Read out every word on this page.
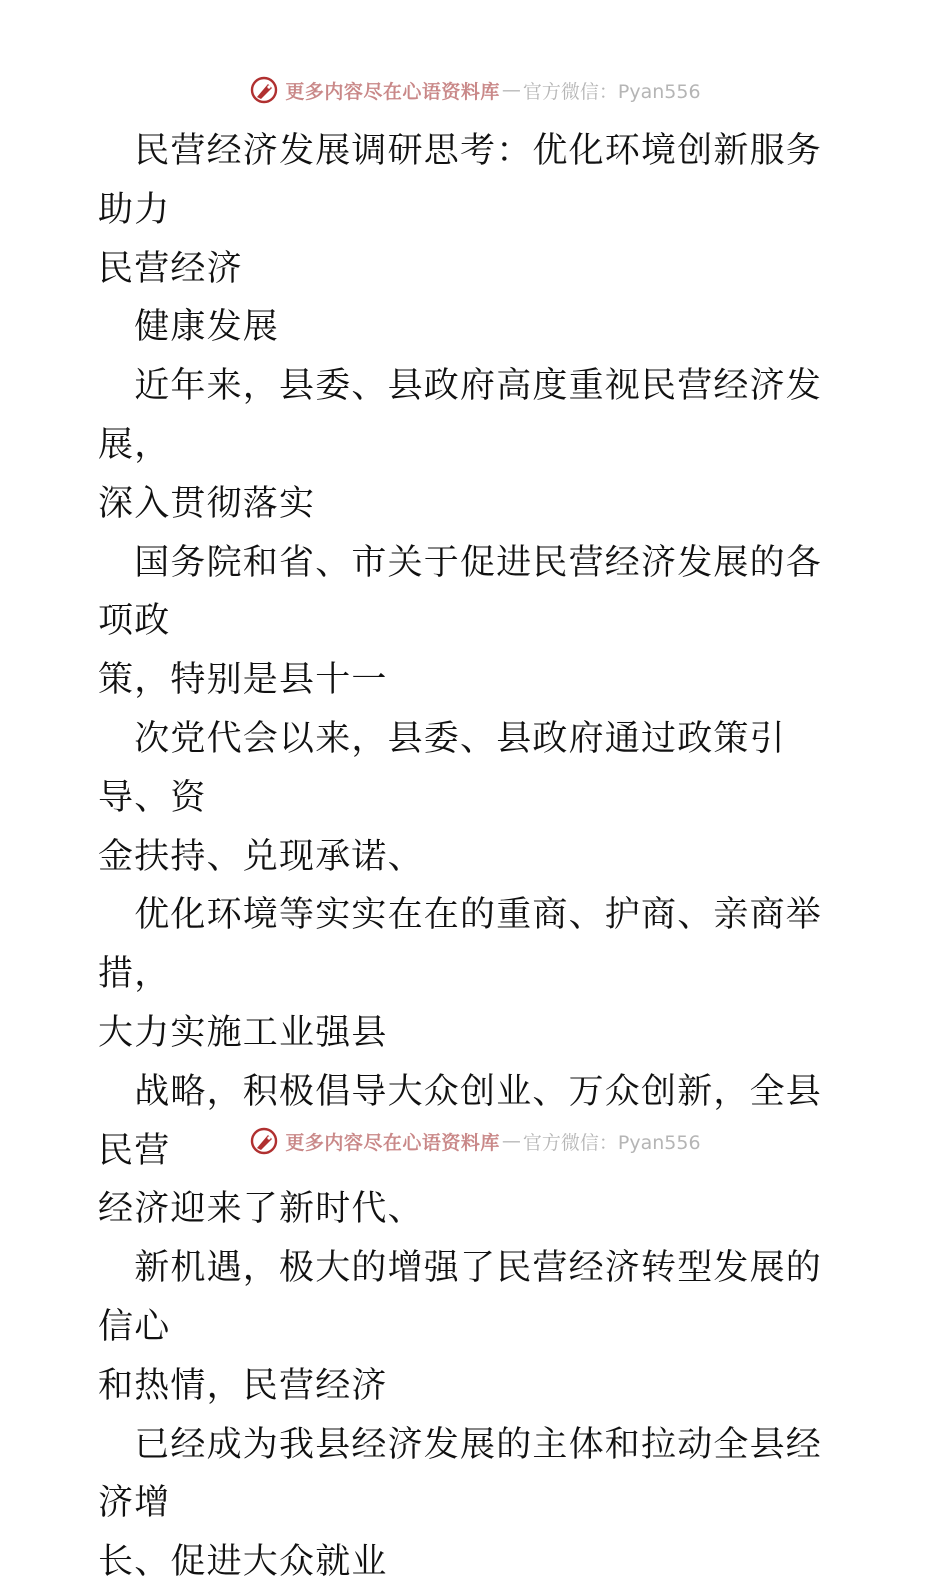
更多内容尽在心语资料库 — 官方微信：Pyan556

　民营经济发展调研思考：优化环境创新服务助力
民营经济

　健康发展

　近年来，县委、县政府高度重视民营经济发展，
深入贯彻落实

　国务院和省、市关于促进民营经济发展的各项政
策，特别是县十一

　次党代会以来，县委、县政府通过政策引导、资
金扶持、兑现承诺、

　优化环境等实实在在的重商、护商、亲商举措，
大力实施工业强县

　战略，积极倡导大众创业、万众创新，全县民营
经济迎来了新时代、

　新机遇，极大的增强了民营经济转型发展的信心
和热情，民营经济

　已经成为我县经济发展的主体和拉动全县经济增
长、促进大众就业

更多内容尽在心语资料库 — 官方微信：Pyan556
